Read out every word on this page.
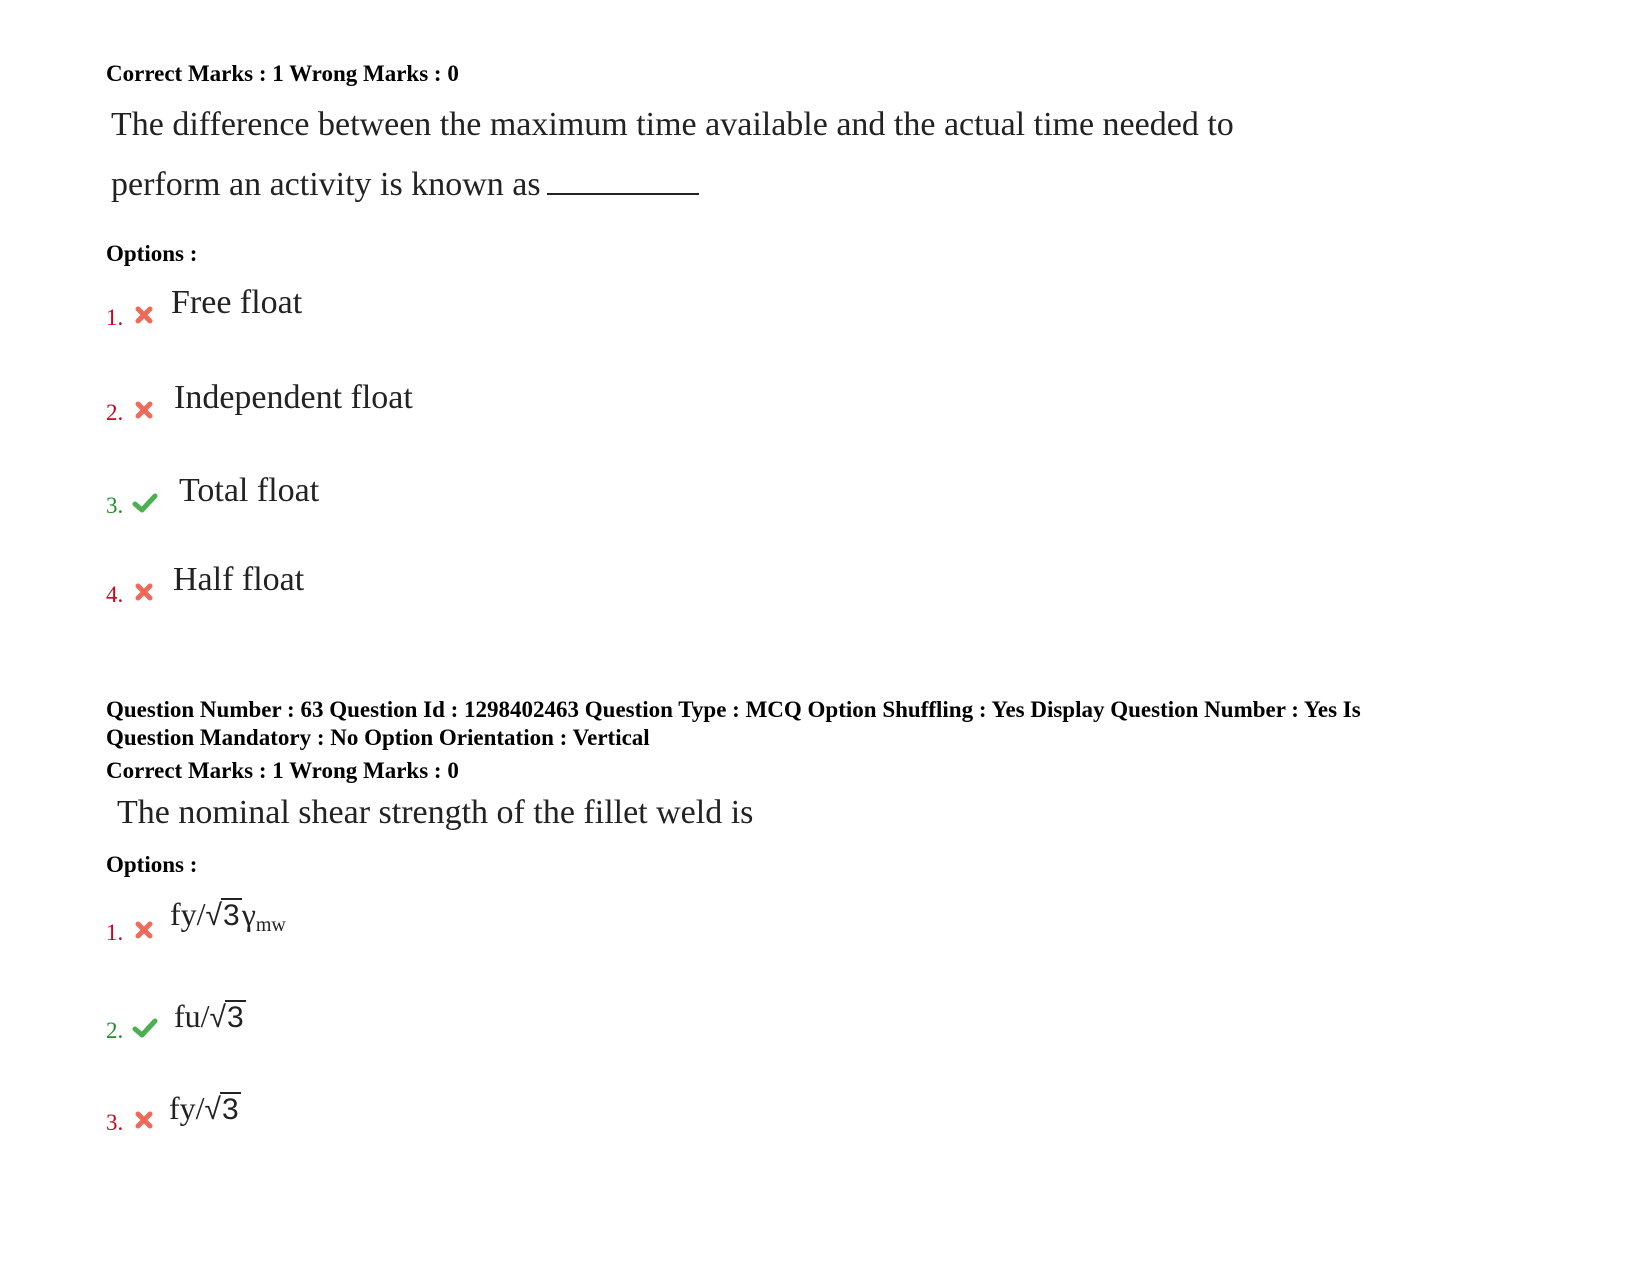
Correct Marks : 1 Wrong Marks : 0
The difference between the maximum time available and the actual time needed to
perform an activity is known as
Options :
1. Free float
2. Independent float
3. Total float
4. Half float
Question Number : 63 Question Id : 1298402463 Question Type : MCQ Option Shuffling : Yes Display Question Number : Yes Is
Question Mandatory : No Option Orientation : Vertical
Correct Marks : 1 Wrong Marks : 0
The nominal shear strength of the fillet weld is
Options :
1.
$fy/√3\gamma_{mw}$
2. fu/√3
3. fy/√3
